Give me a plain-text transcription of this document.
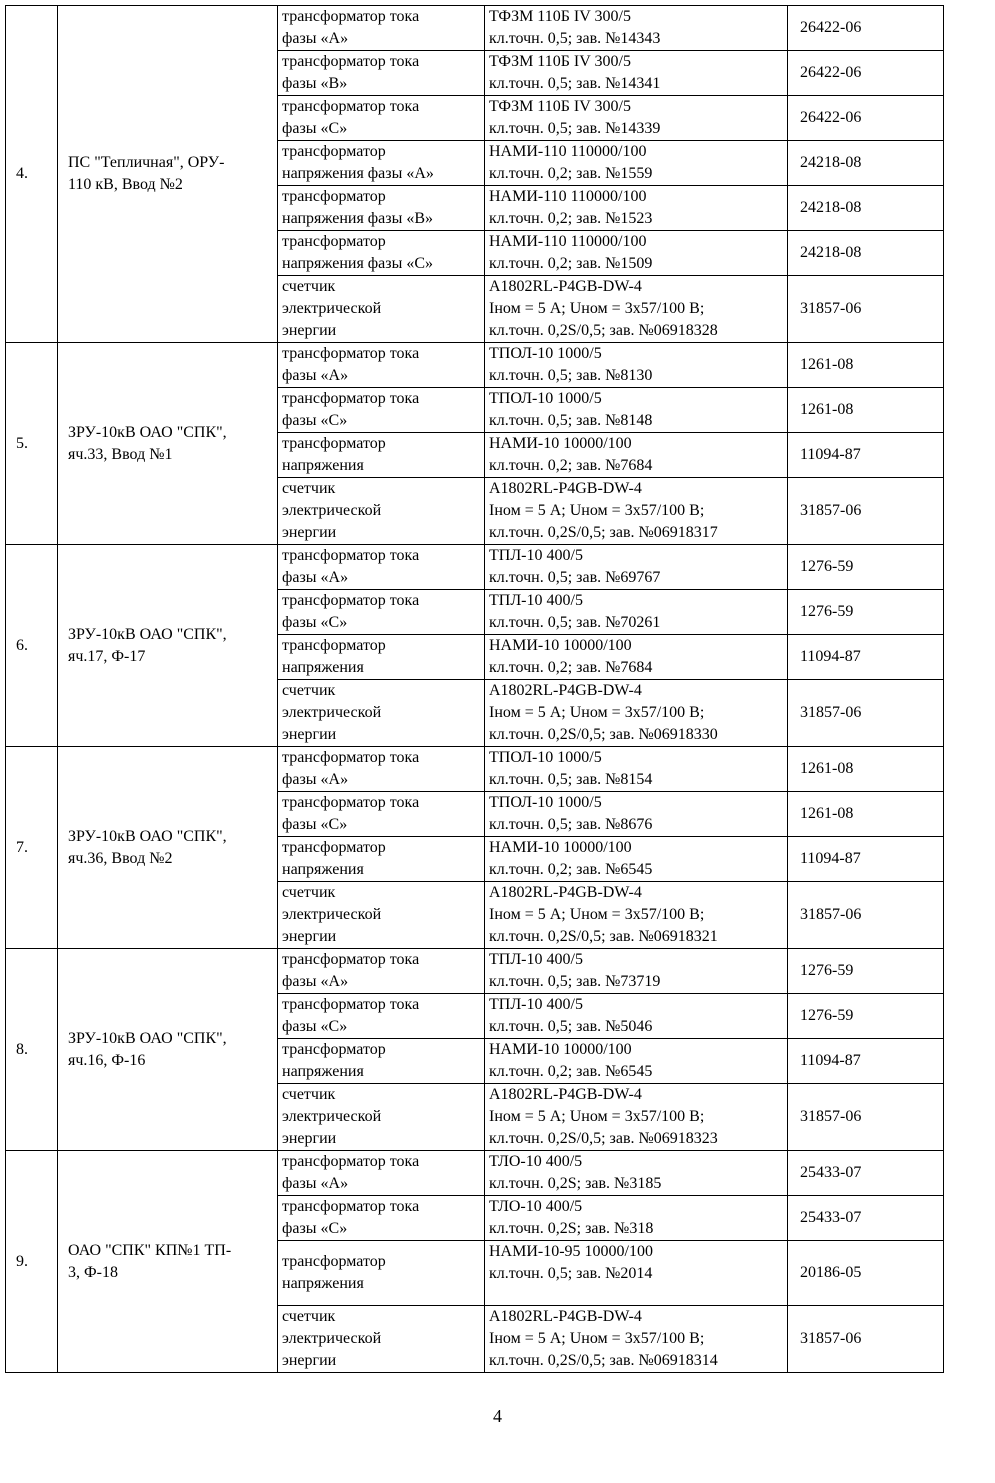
4.	ПС "Тепличная", ОРУ-
110 кВ, Ввод №2	трансформатор тока
фазы «А»	ТФЗМ 110Б IV 300/5
кл.точн. 0,5; зав. №14343	26422-06

		трансформатор тока
фазы «В»	ТФЗМ 110Б IV 300/5
кл.точн. 0,5; зав. №14341	26422-06

		трансформатор тока
фазы «С»	ТФЗМ 110Б IV 300/5
кл.точн. 0,5; зав. №14339	26422-06

		трансформатор
напряжения фазы «А»	НАМИ-110 110000/100
кл.точн. 0,2; зав. №1559	24218-08

		трансформатор
напряжения фазы «В»	НАМИ-110 110000/100
кл.точн. 0,2; зав. №1523	24218-08

		трансформатор
напряжения фазы «С»	НАМИ-110 110000/100
кл.точн. 0,2; зав. №1509	24218-08

		счетчик
электрической
энергии	А1802RL-P4GB-DW-4
Iном = 5 А; Uном = 3x57/100 В;
кл.точн. 0,2S/0,5; зав. №06918328	31857-06
5.	ЗРУ-10кВ ОАО "СПК",
яч.33, Ввод №1	трансформатор тока
фазы «А»	ТПОЛ-10 1000/5
кл.точн. 0,5; зав. №8130	1261-08

		трансформатор тока
фазы «С»	ТПОЛ-10 1000/5
кл.точн. 0,5; зав. №8148	1261-08

		трансформатор
напряжения	НАМИ-10 10000/100
кл.точн. 0,2; зав. №7684	11094-87

		счетчик
электрической
энергии	А1802RL-P4GB-DW-4
Iном = 5 А; Uном = 3x57/100 В;
кл.точн. 0,2S/0,5; зав. №06918317	31857-06
6.	ЗРУ-10кВ ОАО "СПК",
яч.17, Ф-17	трансформатор тока
фазы «А»	ТПЛ-10 400/5
кл.точн. 0,5; зав. №69767	1276-59

		трансформатор тока
фазы «С»	ТПЛ-10 400/5
кл.точн. 0,5; зав. №70261	1276-59

		трансформатор
напряжения	НАМИ-10 10000/100
кл.точн. 0,2; зав. №7684	11094-87

		счетчик
электрической
энергии	А1802RL-P4GB-DW-4
Iном = 5 А; Uном = 3x57/100 В;
кл.точн. 0,2S/0,5; зав. №06918330	31857-06
7.	ЗРУ-10кВ ОАО "СПК",
яч.36, Ввод №2	трансформатор тока
фазы «А»	ТПОЛ-10 1000/5
кл.точн. 0,5; зав. №8154	1261-08

		трансформатор тока
фазы «С»	ТПОЛ-10 1000/5
кл.точн. 0,5; зав. №8676	1261-08

		трансформатор
напряжения	НАМИ-10 10000/100
кл.точн. 0,2; зав. №6545	11094-87

		счетчик
электрической
энергии	А1802RL-P4GB-DW-4
Iном = 5 А; Uном = 3x57/100 В;
кл.точн. 0,2S/0,5; зав. №06918321	31857-06
8.	ЗРУ-10кВ ОАО "СПК",
яч.16, Ф-16	трансформатор тока
фазы «А»	ТПЛ-10 400/5
кл.точн. 0,5; зав. №73719	1276-59

		трансформатор тока
фазы «С»	ТПЛ-10 400/5
кл.точн. 0,5; зав. №5046	1276-59

		трансформатор
напряжения	НАМИ-10 10000/100
кл.точн. 0,2; зав. №6545	11094-87

		счетчик
электрической
энергии	А1802RL-P4GB-DW-4
Iном = 5 А; Uном = 3x57/100 В;
кл.точн. 0,2S/0,5; зав. №06918323	31857-06
9.	ОАО "СПК" КП№1 ТП-
3, Ф-18	трансформатор тока
фазы «А»	ТЛО-10 400/5
кл.точн. 0,2S; зав. №3185	25433-07

		трансформатор тока
фазы «С»	ТЛО-10 400/5
кл.точн. 0,2S; зав. №318	25433-07

		трансформатор
напряжения	НАМИ-10-95 10000/100
кл.точн. 0,5; зав. №2014	20186-05

		счетчик
электрической
энергии	А1802RL-P4GB-DW-4
Iном = 5 А; Uном = 3x57/100 В;
кл.точн. 0,2S/0,5; зав. №06918314	31857-06
4
